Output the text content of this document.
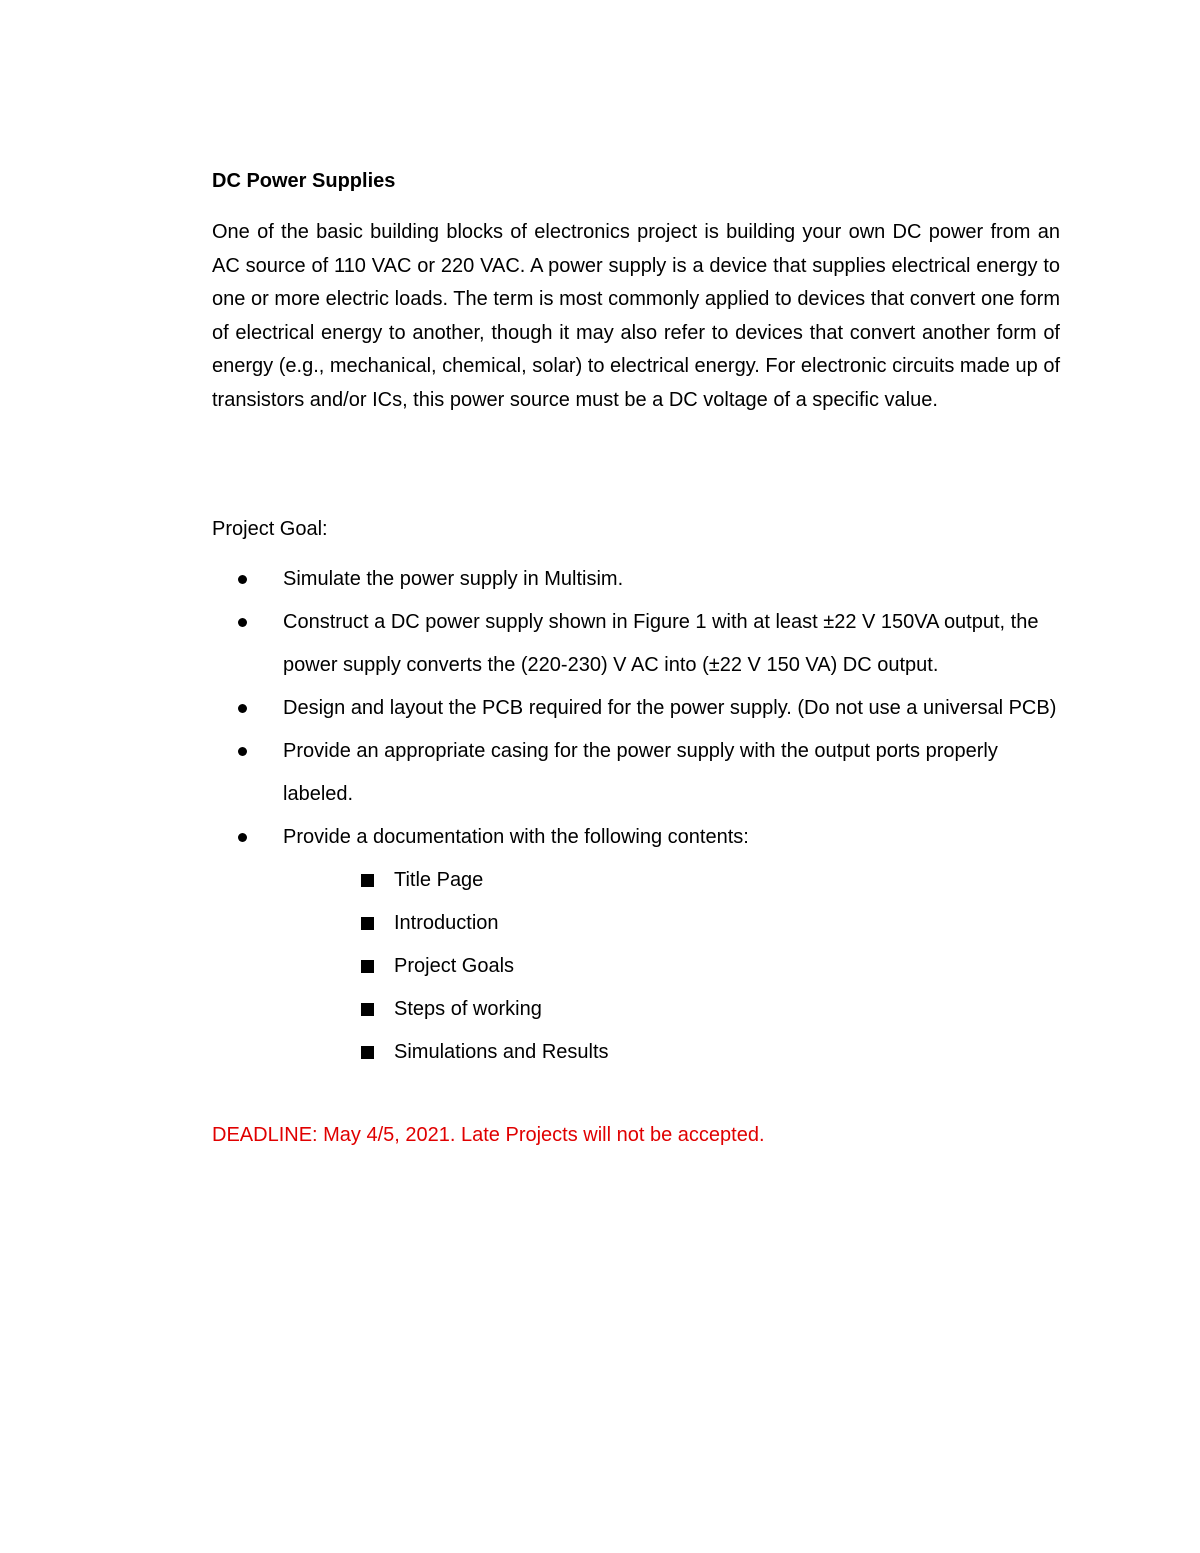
DC Power Supplies

One of the basic building blocks of electronics project is building your own DC power from an AC source of 110 VAC or 220 VAC. A power supply is a device that supplies electrical energy to one or more electric loads. The term is most commonly applied to devices that convert one form of electrical energy to another, though it may also refer to devices that convert another form of energy (e.g., mechanical, chemical, solar) to electrical energy. For electronic circuits made up of transistors and/or ICs, this power source must be a DC voltage of a specific value.

Project Goal:

Simulate the power supply in Multisim.
Construct a DC power supply shown in Figure 1 with at least ±22 V 150VA output, the power supply converts the (220-230) V AC into (±22 V 150 VA) DC output.
Design and layout the PCB required for the power supply. (Do not use a universal PCB)
Provide an appropriate casing for the power supply with the output ports properly labeled.
Provide a documentation with the following contents:
Title Page
Introduction
Project Goals
Steps of working
Simulations and Results

DEADLINE: May 4/5, 2021. Late Projects will not be accepted.
